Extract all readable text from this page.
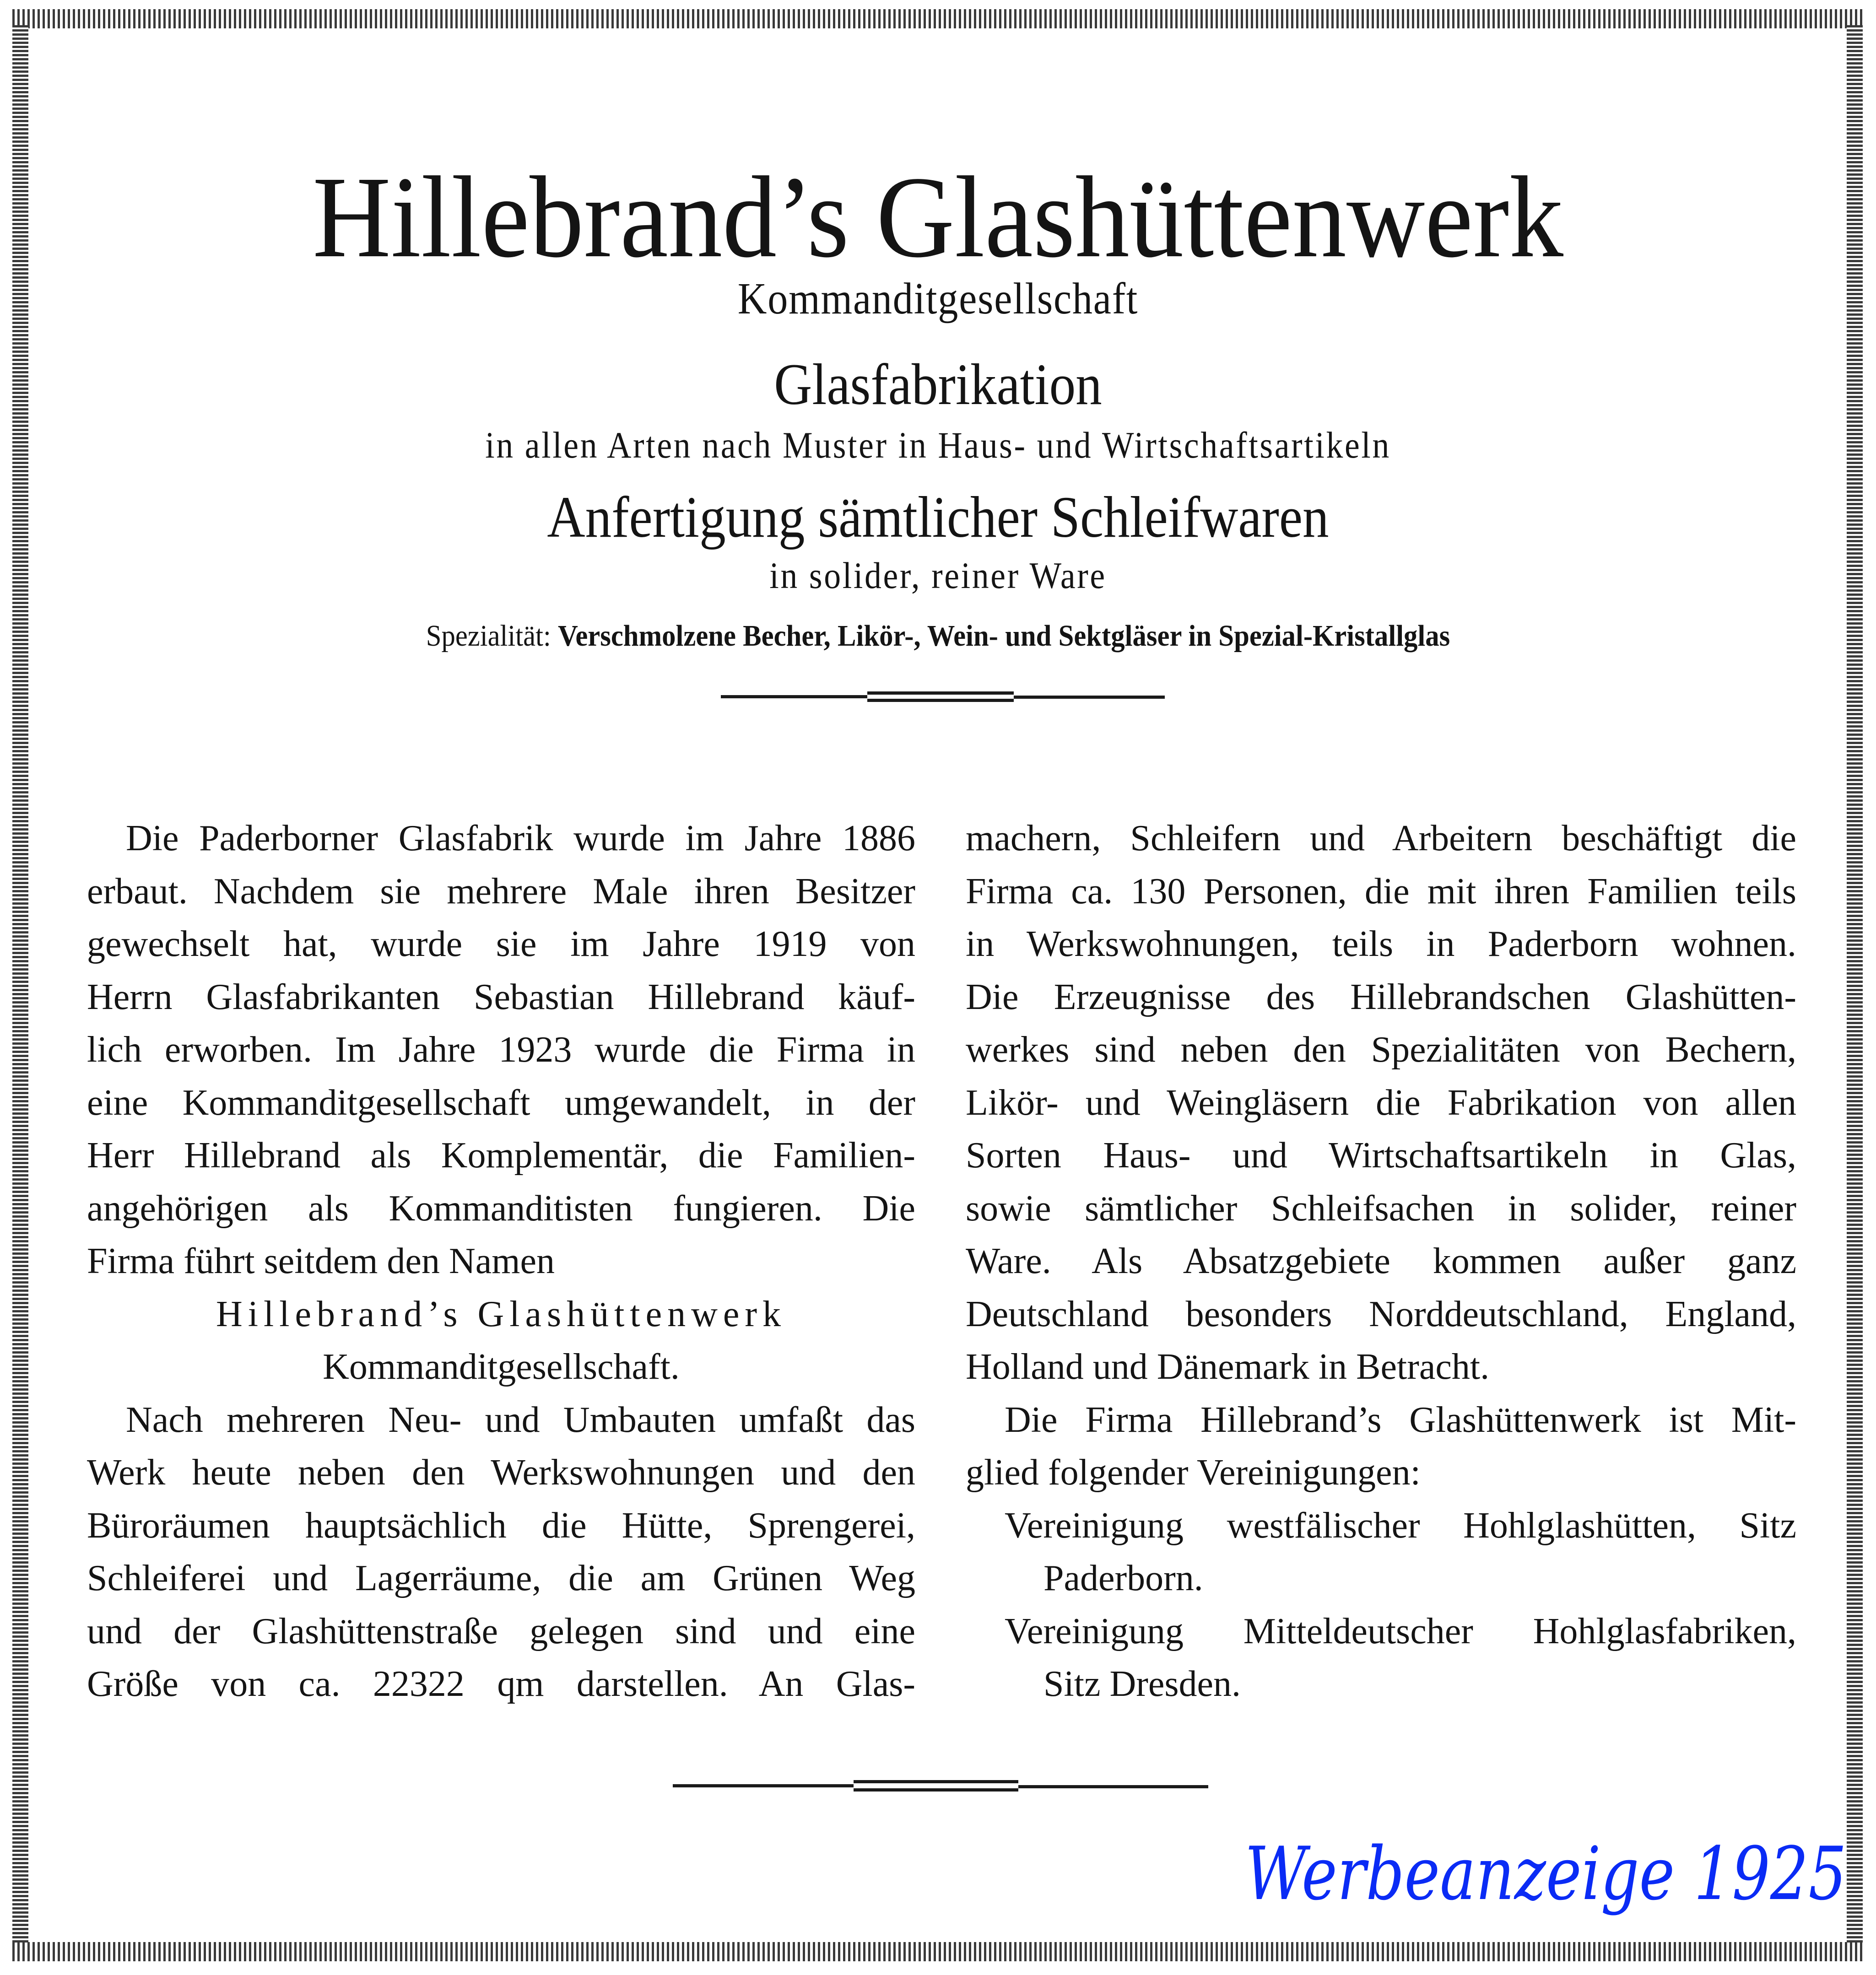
Hillebrand’s Glashüttenwerk
Kommanditgesellschaft
Glasfabrikation
in allen Arten nach Muster in Haus- und Wirtschaftsartikeln
Anfertigung sämtlicher Schleifwaren
in solider, reiner Ware
Spezialität: Verschmolzene Becher, Likör-, Wein- und Sektgläser in Spezial-Kristallglas
Die Paderborner Glasfabrik wurde im Jahre 1886
erbaut. Nachdem sie mehrere Male ihren Besitzer
gewechselt hat, wurde sie im Jahre 1919 von
Herrn Glasfabrikanten Sebastian Hillebrand käuf-
lich erworben. Im Jahre 1923 wurde die Firma in
eine Kommanditgesellschaft umgewandelt, in der
Herr Hillebrand als Komplementär, die Familien-
angehörigen als Kommanditisten fungieren. Die
Firma führt seitdem den Namen
Hillebrand’s Glashüttenwerk
Kommanditgesellschaft.
Nach mehreren Neu- und Umbauten umfaßt das
Werk heute neben den Werkswohnungen und den
Büroräumen hauptsächlich die Hütte, Sprengerei,
Schleiferei und Lagerräume, die am Grünen Weg
und der Glashüttenstraße gelegen sind und eine
Größe von ca. 22322 qm darstellen. An Glas-
machern, Schleifern und Arbeitern beschäftigt die
Firma ca. 130 Personen, die mit ihren Familien teils
in Werkswohnungen, teils in Paderborn wohnen.
Die Erzeugnisse des Hillebrandschen Glashütten-
werkes sind neben den Spezialitäten von Bechern,
Likör- und Weingläsern die Fabrikation von allen
Sorten Haus- und Wirtschaftsartikeln in Glas,
sowie sämtlicher Schleifsachen in solider, reiner
Ware. Als Absatzgebiete kommen außer ganz
Deutschland besonders Norddeutschland, England,
Holland und Dänemark in Betracht.
Die Firma Hillebrand’s Glashüttenwerk ist Mit-
glied folgender Vereinigungen:
Vereinigung westfälischer Hohlglashütten, Sitz
Paderborn.
Vereinigung Mitteldeutscher Hohlglasfabriken,
Sitz Dresden.
Werbeanzeige 1925
